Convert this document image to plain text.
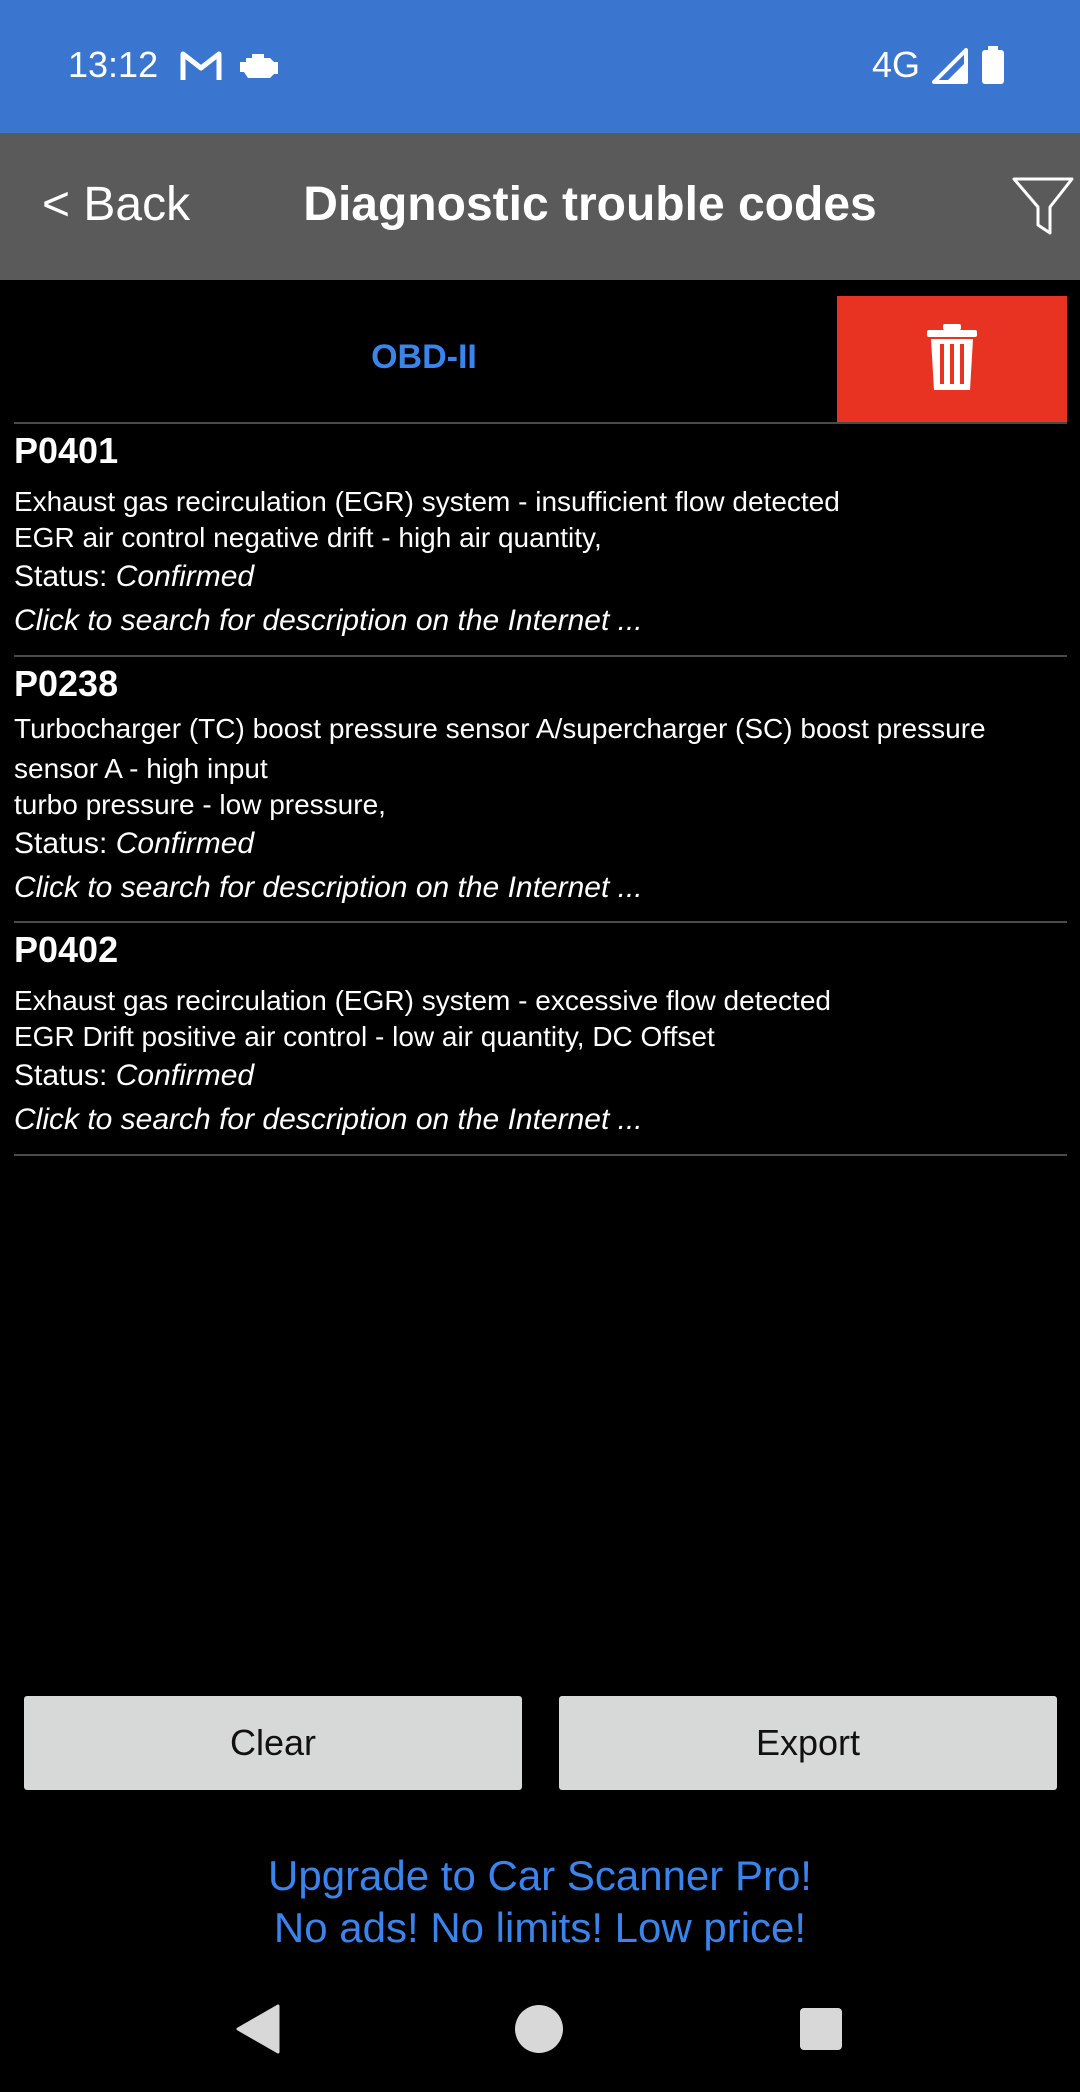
13:12	4G
< Back	Diagnostic trouble codes
OBD-II
P0401
Exhaust gas recirculation (EGR) system - insufficient flow detected
EGR air control negative drift - high air quantity,
Status: Confirmed
Click to search for description on the Internet ...
P0238
Turbocharger (TC) boost pressure sensor A/supercharger (SC) boost pressure
sensor A - high input
turbo pressure - low pressure,
Status: Confirmed
Click to search for description on the Internet ...
P0402
Exhaust gas recirculation (EGR) system - excessive flow detected
EGR Drift positive air control - low air quantity, DC Offset
Status: Confirmed
Click to search for description on the Internet ...
Clear	Export
Upgrade to Car Scanner Pro!
No ads! No limits! Low price!
